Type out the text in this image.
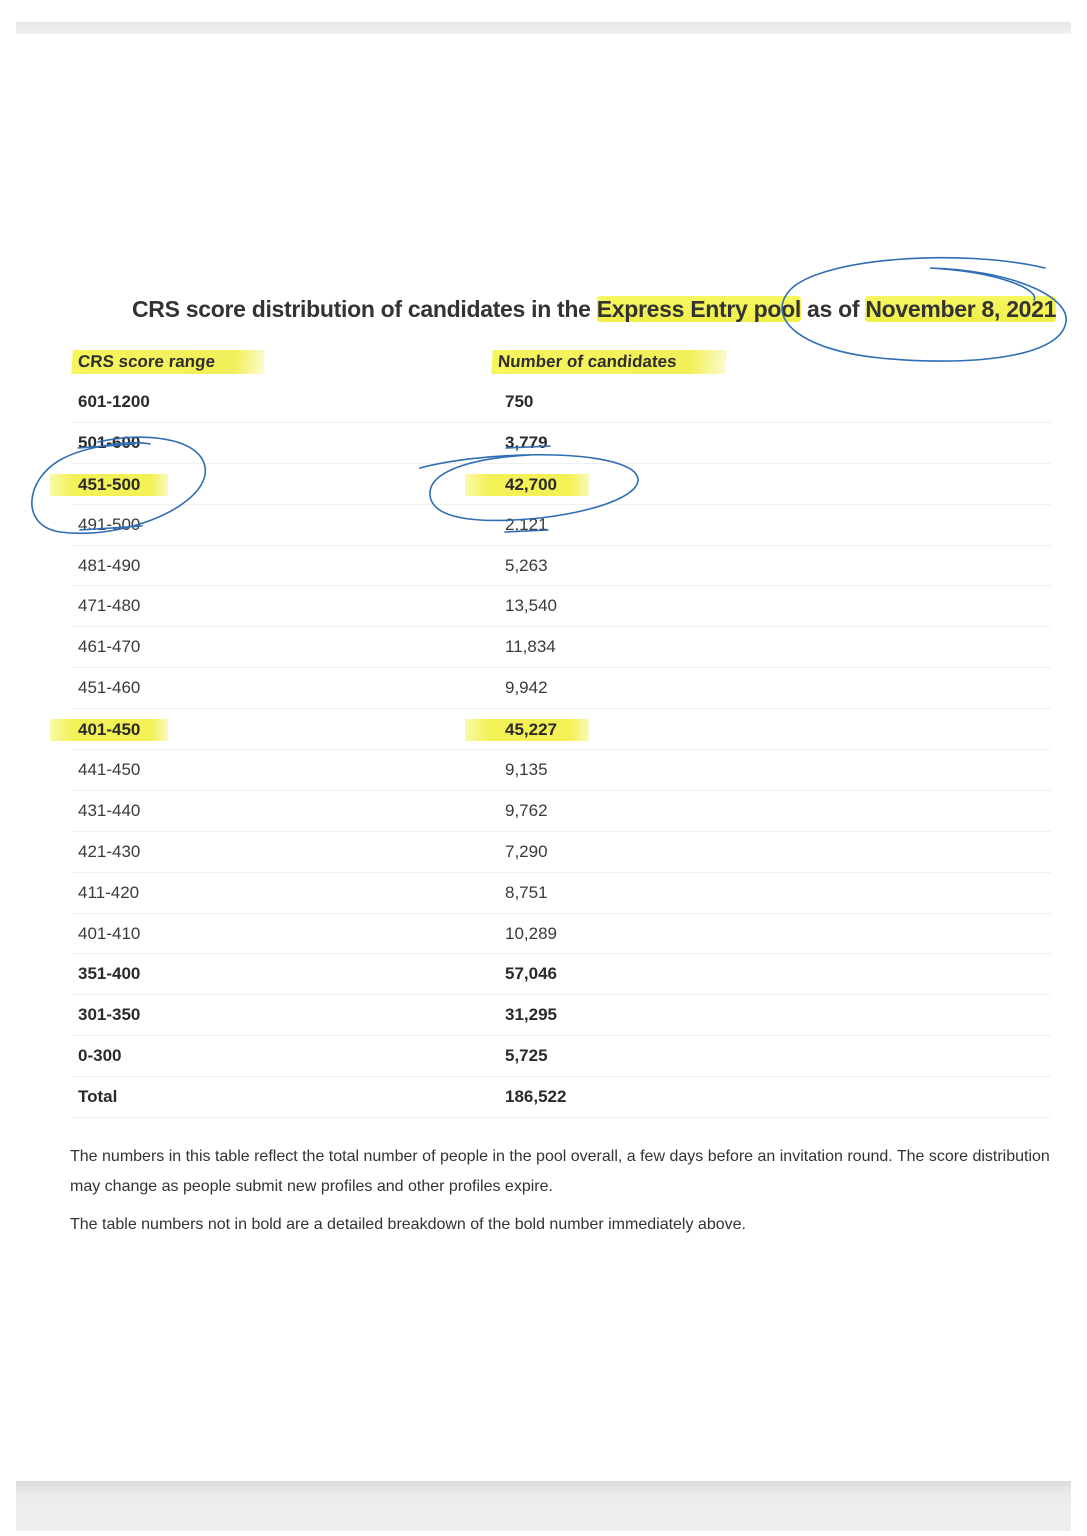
CRS score distribution of candidates in the Express Entry pool as of November 8, 2021
CRS score range	Number of candidates
601-1200	750
501-600	3,779
451-500	42,700
491-500	2,121
481-490	5,263
471-480	13,540
461-470	11,834
451-460	9,942
401-450	45,227
441-450	9,135
431-440	9,762
421-430	7,290
411-420	8,751
401-410	10,289
351-400	57,046
301-350	31,295
0-300	5,725
Total	186,522

The numbers in this table reflect the total number of people in the pool overall, a few days before an invitation round. The score distribution may change as people submit new profiles and other profiles expire.

The table numbers not in bold are a detailed breakdown of the bold number immediately above.
